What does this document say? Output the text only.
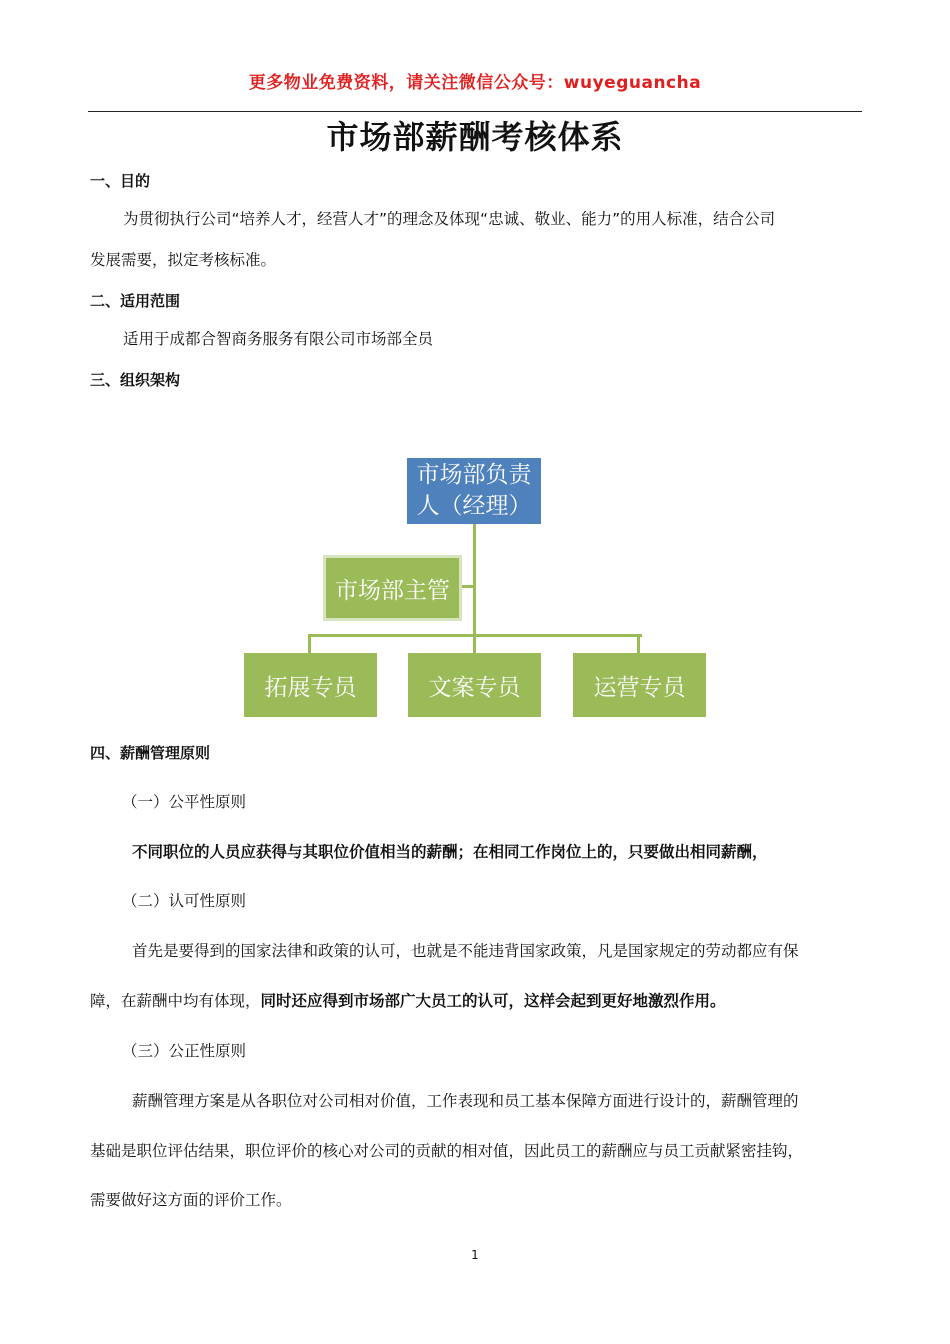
更多物业免费资料，请关注微信公众号：wuyeguancha
市场部薪酬考核体系
一、目的
为贯彻执行公司“培养人才，经营人才”的理念及体现“忠诚、敬业、能力”的用人标准，结合公司
发展需要，拟定考核标准。
二、适用范围
适用于成都合智商务服务有限公司市场部全员
三、组织架构
市场部负责
人（经理）
市场部主管
拓展专员	文案专员	运营专员
四、薪酬管理原则
（一）公平性原则
不同职位的人员应获得与其职位价值相当的薪酬；在相同工作岗位上的，只要做出相同薪酬，
（二）认可性原则
首先是要得到的国家法律和政策的认可，也就是不能违背国家政策，凡是国家规定的劳动都应有保
障，在薪酬中均有体现，同时还应得到市场部广大员工的认可，这样会起到更好地激烈作用。
（三）公正性原则
薪酬管理方案是从各职位对公司相对价值，工作表现和员工基本保障方面进行设计的，薪酬管理的
基础是职位评估结果，职位评价的核心对公司的贡献的相对值，因此员工的薪酬应与员工贡献紧密挂钩，
需要做好这方面的评价工作。
1
